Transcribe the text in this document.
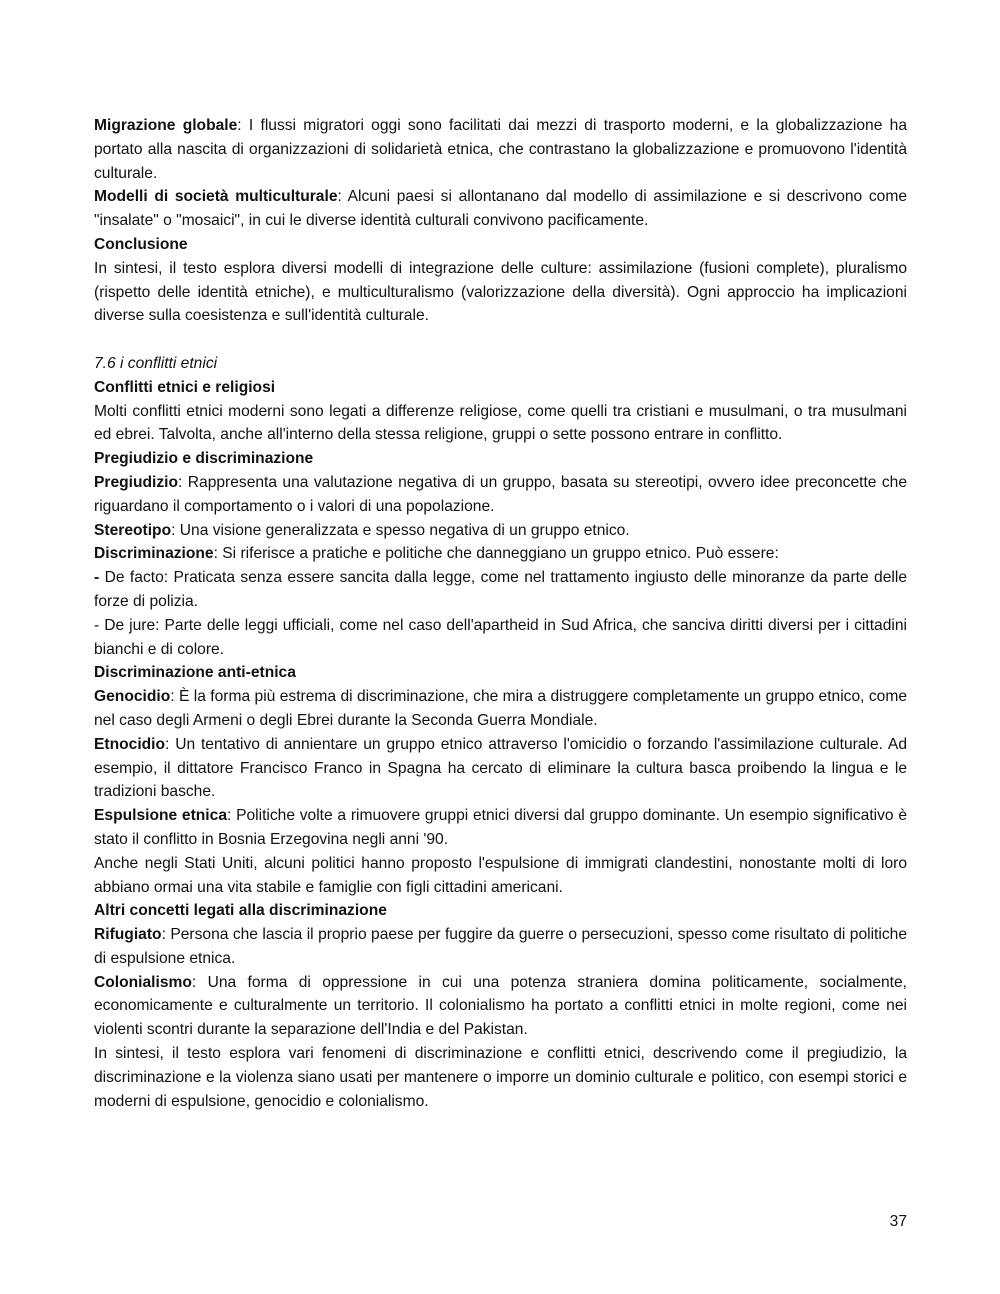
Migrazione globale: I flussi migratori oggi sono facilitati dai mezzi di trasporto moderni, e la globalizzazione ha portato alla nascita di organizzazioni di solidarietà etnica, che contrastano la globalizzazione e promuovono l'identità culturale.

Modelli di società multiculturale: Alcuni paesi si allontanano dal modello di assimilazione e si descrivono come "insalate" o "mosaici", in cui le diverse identità culturali convivono pacificamente.

Conclusione

In sintesi, il testo esplora diversi modelli di integrazione delle culture: assimilazione (fusioni complete), pluralismo (rispetto delle identità etniche), e multiculturalismo (valorizzazione della diversità). Ogni approccio ha implicazioni diverse sulla coesistenza e sull'identità culturale.

7.6 i conflitti etnici

Conflitti etnici e religiosi

Molti conflitti etnici moderni sono legati a differenze religiose, come quelli tra cristiani e musulmani, o tra musulmani ed ebrei. Talvolta, anche all'interno della stessa religione, gruppi o sette possono entrare in conflitto.

Pregiudizio e discriminazione

Pregiudizio: Rappresenta una valutazione negativa di un gruppo, basata su stereotipi, ovvero idee preconcette che riguardano il comportamento o i valori di una popolazione.

Stereotipo: Una visione generalizzata e spesso negativa di un gruppo etnico.

Discriminazione: Si riferisce a pratiche e politiche che danneggiano un gruppo etnico. Può essere:

- De facto: Praticata senza essere sancita dalla legge, come nel trattamento ingiusto delle minoranze da parte delle forze di polizia.

- De jure: Parte delle leggi ufficiali, come nel caso dell'apartheid in Sud Africa, che sanciva diritti diversi per i cittadini bianchi e di colore.

Discriminazione anti-etnica

Genocidio: È la forma più estrema di discriminazione, che mira a distruggere completamente un gruppo etnico, come nel caso degli Armeni o degli Ebrei durante la Seconda Guerra Mondiale.

Etnocidio: Un tentativo di annientare un gruppo etnico attraverso l'omicidio o forzando l'assimilazione culturale. Ad esempio, il dittatore Francisco Franco in Spagna ha cercato di eliminare la cultura basca proibendo la lingua e le tradizioni basche.

Espulsione etnica: Politiche volte a rimuovere gruppi etnici diversi dal gruppo dominante. Un esempio significativo è stato il conflitto in Bosnia Erzegovina negli anni '90.

Anche negli Stati Uniti, alcuni politici hanno proposto l'espulsione di immigrati clandestini, nonostante molti di loro abbiano ormai una vita stabile e famiglie con figli cittadini americani.

Altri concetti legati alla discriminazione

Rifugiato: Persona che lascia il proprio paese per fuggire da guerre o persecuzioni, spesso come risultato di politiche di espulsione etnica.

Colonialismo: Una forma di oppressione in cui una potenza straniera domina politicamente, socialmente, economicamente e culturalmente un territorio. Il colonialismo ha portato a conflitti etnici in molte regioni, come nei violenti scontri durante la separazione dell'India e del Pakistan.

In sintesi, il testo esplora vari fenomeni di discriminazione e conflitti etnici, descrivendo come il pregiudizio, la discriminazione e la violenza siano usati per mantenere o imporre un dominio culturale e politico, con esempi storici e moderni di espulsione, genocidio e colonialismo.

37
